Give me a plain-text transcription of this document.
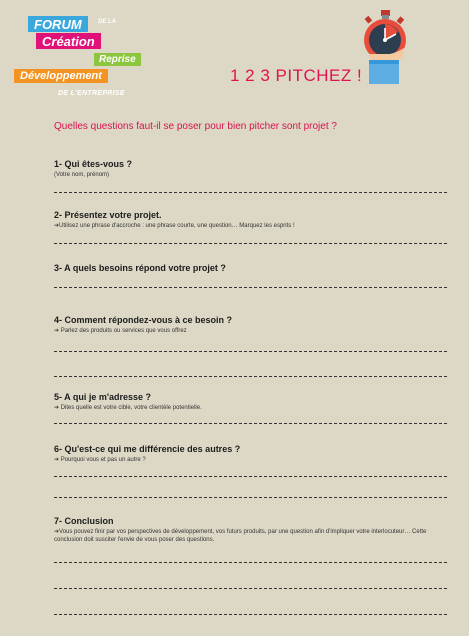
FORUM	DE LA
Création
Reprise
Développement
DE L'ENTREPRISE
1 2 3 PITCHEZ !
Quelles questions faut-il se poser pour bien pitcher sont projet ?
1- Qui êtes-vous ?

(Votre nom, prénom)

2- Présentez votre projet.

➔Utilisez une phrase d'accroche : une phrase courte, une question… Marquez les esprits !

3- A quels besoins répond votre projet ?
4- Comment répondez-vous à ce besoin ?

➔ Parlez des produits ou services que vous offrez

5- A qui je m'adresse ?

➔ Dites quelle est votre cible, votre clientèle potentielle.

6- Qu'est-ce qui me différencie des autres ?

➔ Pourquoi vous et pas un autre ?

7- Conclusion

➔Vous pouvez finir par vos perspectives de développement, vos futurs produits, par une question afin d'impliquer votre interlocuteur… Cette conclusion doit susciter l'envie de vous poser des questions.
